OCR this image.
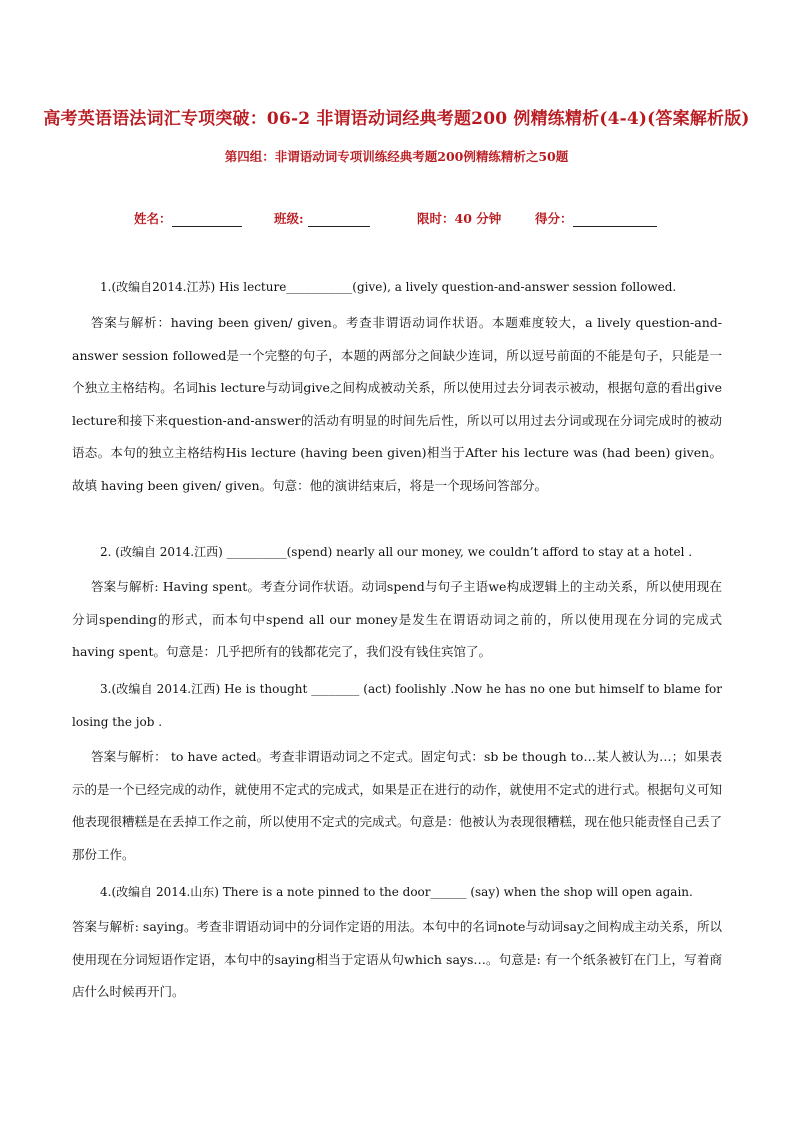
高考英语语法词汇专项突破：06-2 非谓语动词经典考题200 例精练精析(4-4)(答案解析版)
第四组：非谓语动词专项训练经典考题200例精练精析之50题
姓名：	班级:	限时：40 分钟	得分：
1.(改编自2014.江苏) His lecture___________(give), a lively question-and-answer session followed.
答案与解析：having been given/ given。考查非谓语动词作状语。本题难度较大，a lively question-and-answer session followed是一个完整的句子，本题的两部分之间缺少连词，所以逗号前面的不能是句子，只能是一个独立主格结构。名词his lecture与动词give之间构成被动关系，所以使用过去分词表示被动，根据句意的看出give lecture和接下来question-and-answer的活动有明显的时间先后性，所以可以用过去分词或现在分词完成时的被动语态。本句的独立主格结构His lecture (having been given)相当于After his lecture was (had been) given。故填 having been given/ given。句意：他的演讲结束后，将是一个现场问答部分。
2. (改编自 2014.江西) __________(spend) nearly all our money, we couldn’t afford to stay at a hotel .
答案与解析: Having spent。考查分词作状语。动词spend与句子主语we构成逻辑上的主动关系，所以使用现在分词spending的形式，而本句中spend all our money是发生在谓语动词之前的，所以使用现在分词的完成式having spent。句意是：几乎把所有的钱都花完了，我们没有钱住宾馆了。
3.(改编自 2014.江西) He is thought ________ (act) foolishly .Now he has no one but himself to blame for losing the job .
答案与解析： to have acted。考查非谓语动词之不定式。固定句式：sb be though to…某人被认为…；如果表示的是一个已经完成的动作，就使用不定式的完成式，如果是正在进行的动作，就使用不定式的进行式。根据句义可知他表现很糟糕是在丢掉工作之前，所以使用不定式的完成式。句意是：他被认为表现很糟糕，现在他只能责怪自己丢了那份工作。
4.(改编自 2014.山东) There is a note pinned to the door______ (say) when the shop will open again.
答案与解析: saying。考查非谓语动词中的分词作定语的用法。本句中的名词note与动词say之间构成主动关系，所以使用现在分词短语作定语，本句中的saying相当于定语从句which says…。句意是: 有一个纸条被钉在门上，写着商店什么时候再开门。
